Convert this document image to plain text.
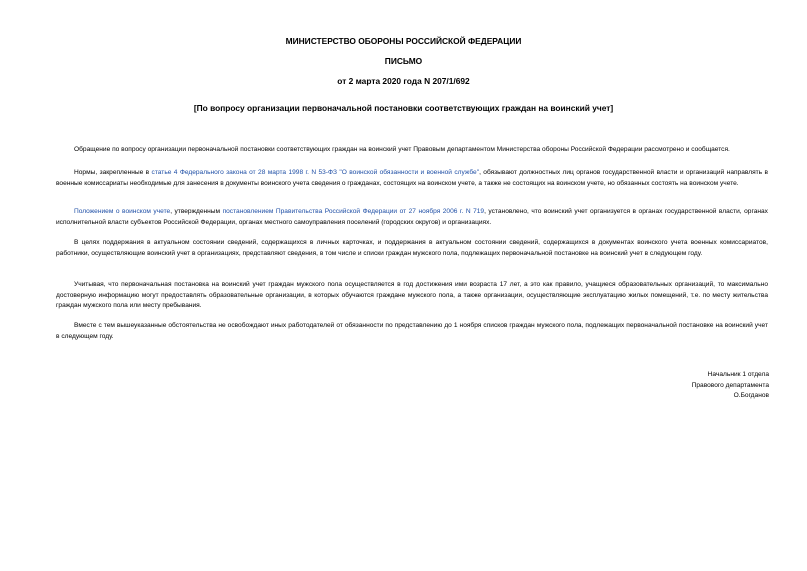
МИНИСТЕРСТВО ОБОРОНЫ РОССИЙСКОЙ ФЕДЕРАЦИИ
ПИСЬМО
от 2 марта 2020 года N 207/1/692
[По вопросу организации первоначальной постановки соответствующих граждан на воинский учет]

Обращение по вопросу организации первоначальной постановки соответствующих граждан на воинский учет Правовым департаментом Министерства обороны Российской Федерации рассмотрено и сообщается.

Нормы, закрепленные в статье 4 Федерального закона от 28 марта 1998 г. N 53-ФЗ "О воинской обязанности и военной службе", обязывают должностных лиц органов государственной власти и организаций направлять в военные комиссариаты необходимые для занесения в документы воинского учета сведения о гражданах, состоящих на воинском учете, а также не состоящих на воинском учете, но обязанных состоять на воинском учете.

Положением о воинском учете, утвержденным постановлением Правительства Российской Федерации от 27 ноября 2006 г. N 719, установлено, что воинский учет организуется в органах государственной власти, органах исполнительной власти субъектов Российской Федерации, органах местного самоуправления поселений (городских округов) и организациях.

В целях поддержания в актуальном состоянии сведений, содержащихся в личных карточках, и поддержания в актуальном состоянии сведений, содержащихся в документах воинского учета военных комиссариатов, работники, осуществляющие воинский учет в организациях, представляют сведения, в том числе и списки граждан мужского пола, подлежащих первоначальной постановке на воинский учет в следующем году.

Учитывая, что первоначальная постановка на воинский учет граждан мужского пола осуществляется в год достижения ими возраста 17 лет, а это как правило, учащиеся образовательных организаций, то максимально достоверную информацию могут предоставлять образовательные организации, в которых обучаются граждане мужского пола, а также организации, осуществляющие эксплуатацию жилых помещений, т.е. по месту жительства граждан мужского пола или месту пребывания.

Вместе с тем вышеуказанные обстоятельства не освобождают иных работодателей от обязанности по представлению до 1 ноября списков граждан мужского пола, подлежащих первоначальной постановке на воинский учет в следующем году.

Начальник 1 отдела
Правового департамента
О.Богданов
